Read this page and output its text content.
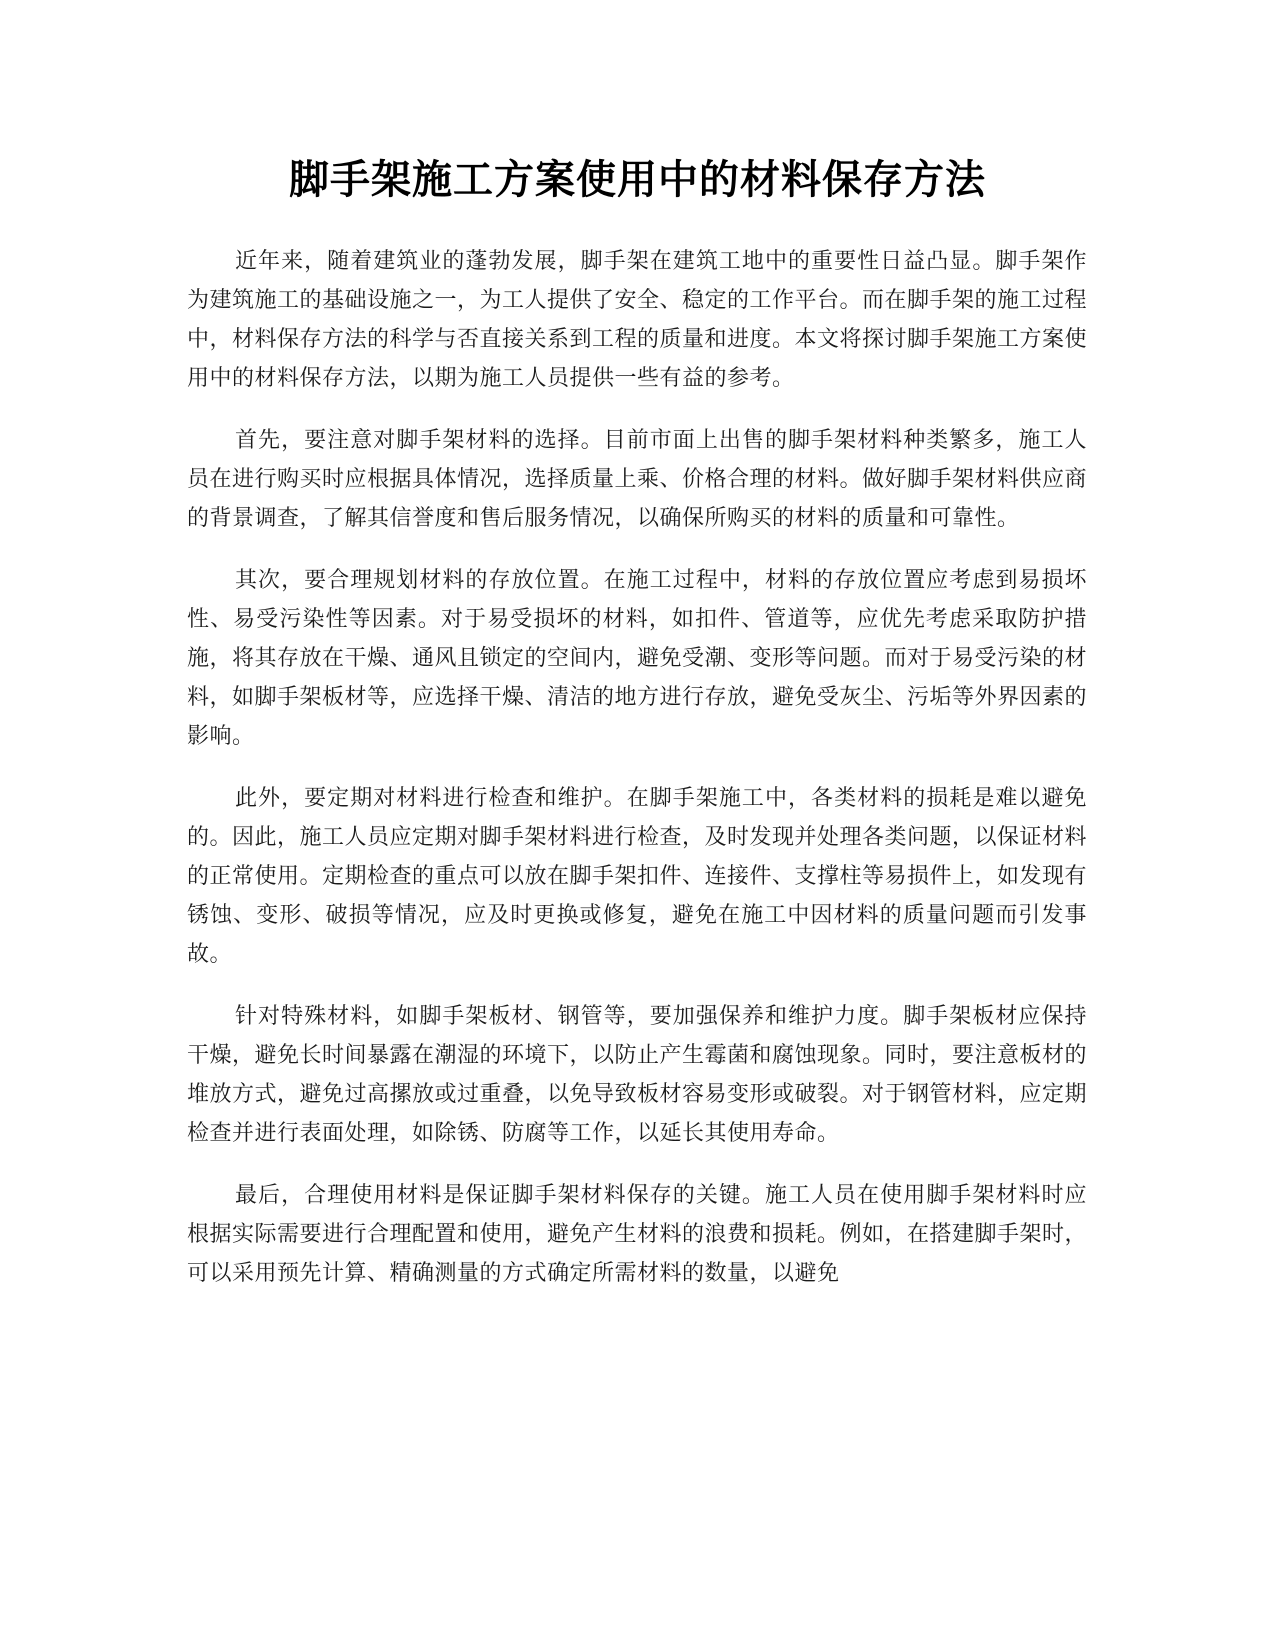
脚手架施工方案使用中的材料保存方法

近年来，随着建筑业的蓬勃发展，脚手架在建筑工地中的重要性日益凸显。脚手架作为建筑施工的基础设施之一，为工人提供了安全、稳定的工作平台。而在脚手架的施工过程中，材料保存方法的科学与否直接关系到工程的质量和进度。本文将探讨脚手架施工方案使用中的材料保存方法，以期为施工人员提供一些有益的参考。

首先，要注意对脚手架材料的选择。目前市面上出售的脚手架材料种类繁多，施工人员在进行购买时应根据具体情况，选择质量上乘、价格合理的材料。做好脚手架材料供应商的背景调查，了解其信誉度和售后服务情况，以确保所购买的材料的质量和可靠性。

其次，要合理规划材料的存放位置。在施工过程中，材料的存放位置应考虑到易损坏性、易受污染性等因素。对于易受损坏的材料，如扣件、管道等，应优先考虑采取防护措施，将其存放在干燥、通风且锁定的空间内，避免受潮、变形等问题。而对于易受污染的材料，如脚手架板材等，应选择干燥、清洁的地方进行存放，避免受灰尘、污垢等外界因素的影响。

此外，要定期对材料进行检查和维护。在脚手架施工中，各类材料的损耗是难以避免的。因此，施工人员应定期对脚手架材料进行检查，及时发现并处理各类问题，以保证材料的正常使用。定期检查的重点可以放在脚手架扣件、连接件、支撑柱等易损件上，如发现有锈蚀、变形、破损等情况，应及时更换或修复，避免在施工中因材料的质量问题而引发事故。

针对特殊材料，如脚手架板材、钢管等，要加强保养和维护力度。脚手架板材应保持干燥，避免长时间暴露在潮湿的环境下，以防止产生霉菌和腐蚀现象。同时，要注意板材的堆放方式，避免过高摞放或过重叠，以免导致板材容易变形或破裂。对于钢管材料，应定期检查并进行表面处理，如除锈、防腐等工作，以延长其使用寿命。

最后，合理使用材料是保证脚手架材料保存的关键。施工人员在使用脚手架材料时应根据实际需要进行合理配置和使用，避免产生材料的浪费和损耗。例如，在搭建脚手架时，可以采用预先计算、精确测量的方式确定所需材料的数量，以避免
